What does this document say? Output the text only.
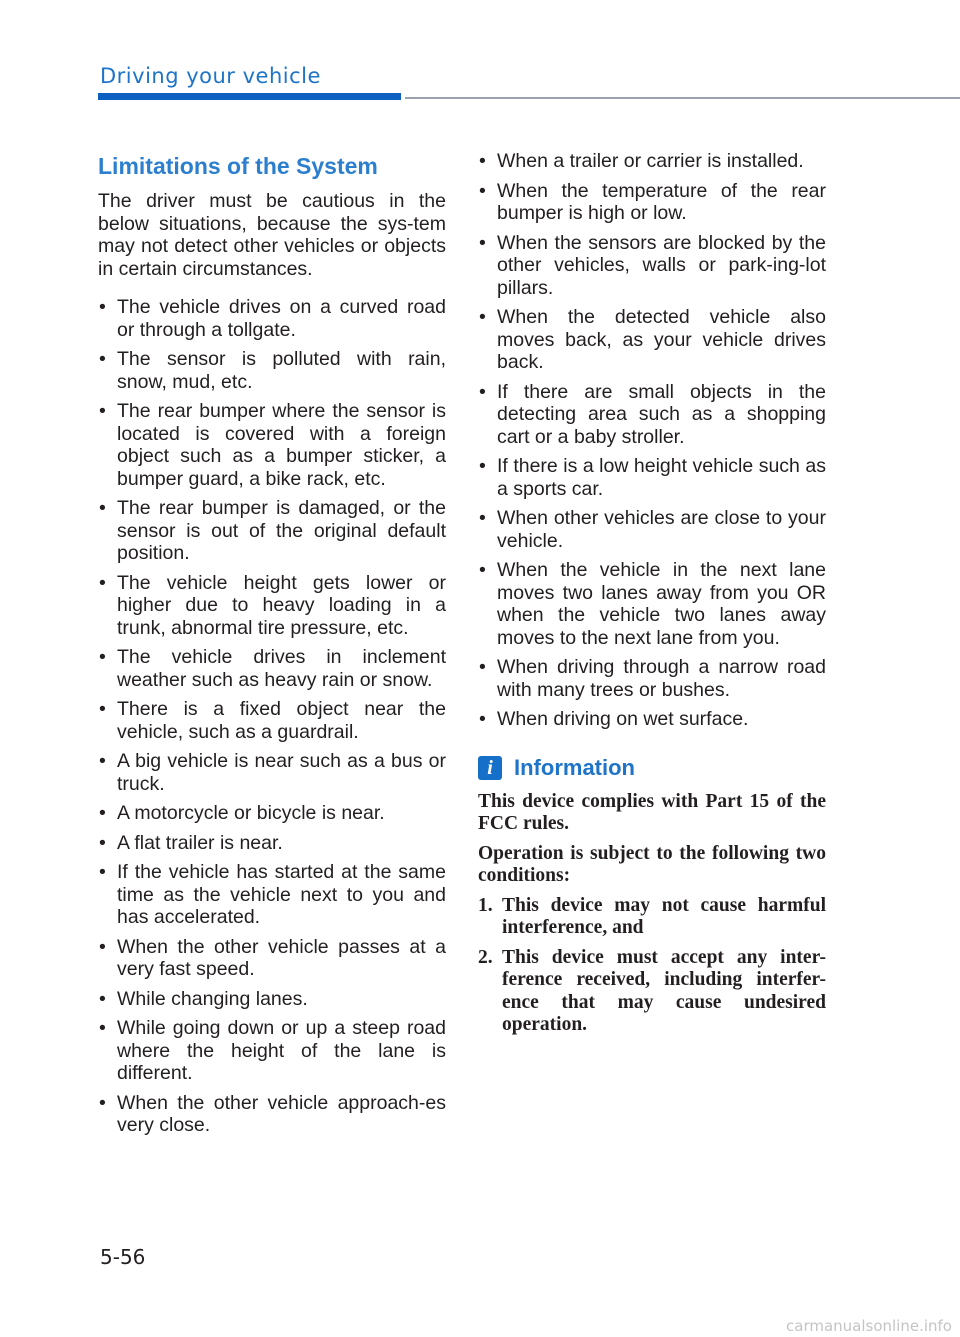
Driving your vehicle
Limitations of the System

The driver must be cautious in the below situations, because the sys-tem may not detect other vehicles or objects in certain circumstances.

• The vehicle drives on a curved road or through a tollgate.
• The sensor is polluted with rain, snow, mud, etc.
• The rear bumper where the sensor is located is covered with a foreign object such as a bumper sticker, a bumper guard, a bike rack, etc.
• The rear bumper is damaged, or the sensor is out of the original default position.
• The vehicle height gets lower or higher due to heavy loading in a trunk, abnormal tire pressure, etc.
• The vehicle drives in inclement weather such as heavy rain or snow.
• There is a fixed object near the vehicle, such as a guardrail.
• A big vehicle is near such as a bus or truck.
• A motorcycle or bicycle is near.
• A flat trailer is near.
• If the vehicle has started at the same time as the vehicle next to you and has accelerated.
• When the other vehicle passes at a very fast speed.
• While changing lanes.
• While going down or up a steep road where the height of the lane is different.
• When the other vehicle approach-es very close.
• When a trailer or carrier is installed.
• When the temperature of the rear bumper is high or low.
• When the sensors are blocked by the other vehicles, walls or park-ing-lot pillars.
• When the detected vehicle also moves back, as your vehicle drives back.
• If there are small objects in the detecting area such as a shopping cart or a baby stroller.
• If there is a low height vehicle such as a sports car.
• When other vehicles are close to your vehicle.
• When the vehicle in the next lane moves two lanes away from you OR when the vehicle two lanes away moves to the next lane from you.
• When driving through a narrow road with many trees or bushes.
• When driving on wet surface.
i Information

This device complies with Part 15 of the FCC rules.

Operation is subject to the following two conditions:

1. This device may not cause harmful interference, and
2. This device must accept any inter-ference received, including interfer-ence that may cause undesired operation.
5-56
carmanualsonline.info
